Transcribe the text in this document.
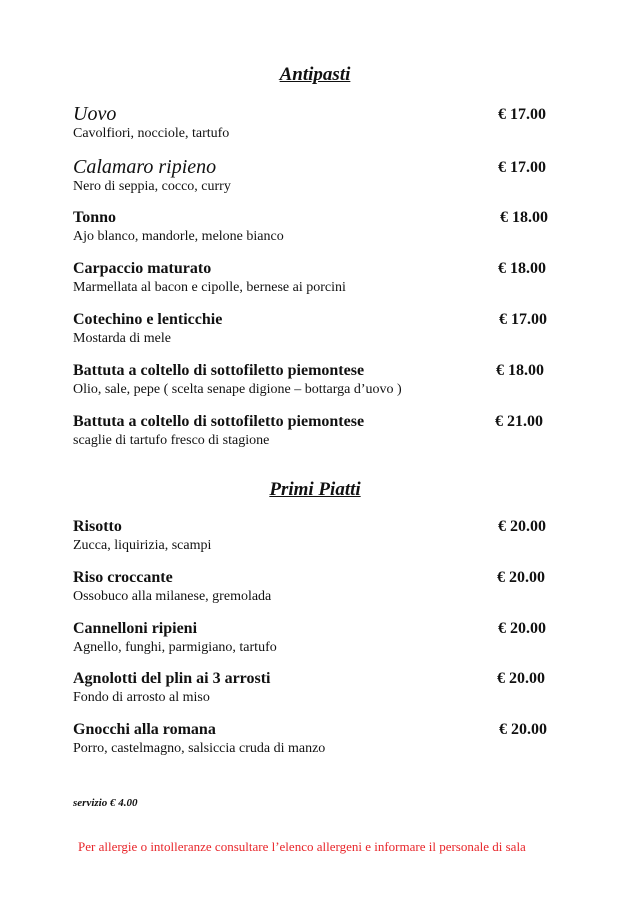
Antipasti
Uovo
Cavolfiori, nocciole, tartufo
€ 17.00
Calamaro ripieno
Nero di seppia, cocco, curry
€ 17.00
Tonno
Ajo blanco, mandorle, melone bianco
€ 18.00
Carpaccio maturato
Marmellata al bacon e cipolle, bernese ai porcini
€ 18.00
Cotechino e lenticchie
Mostarda di mele
€ 17.00
Battuta a coltello di sottofiletto piemontese
Olio, sale, pepe ( scelta senape digione – bottarga d’uovo )
€ 18.00
Battuta a coltello di sottofiletto piemontese
scaglie di tartufo fresco di stagione
€ 21.00
Primi Piatti
Risotto
Zucca, liquirizia, scampi
€ 20.00
Riso croccante
Ossobuco alla milanese, gremolada
€ 20.00
Cannelloni ripieni
Agnello, funghi, parmigiano, tartufo
€ 20.00
Agnolotti del plin ai 3 arrosti
Fondo di arrosto al miso
€ 20.00
Gnocchi alla romana
Porro, castelmagno, salsiccia cruda di manzo
€ 20.00
servizio € 4.00
Per allergie o intolleranze consultare l’elenco allergeni e informare il personale di sala
